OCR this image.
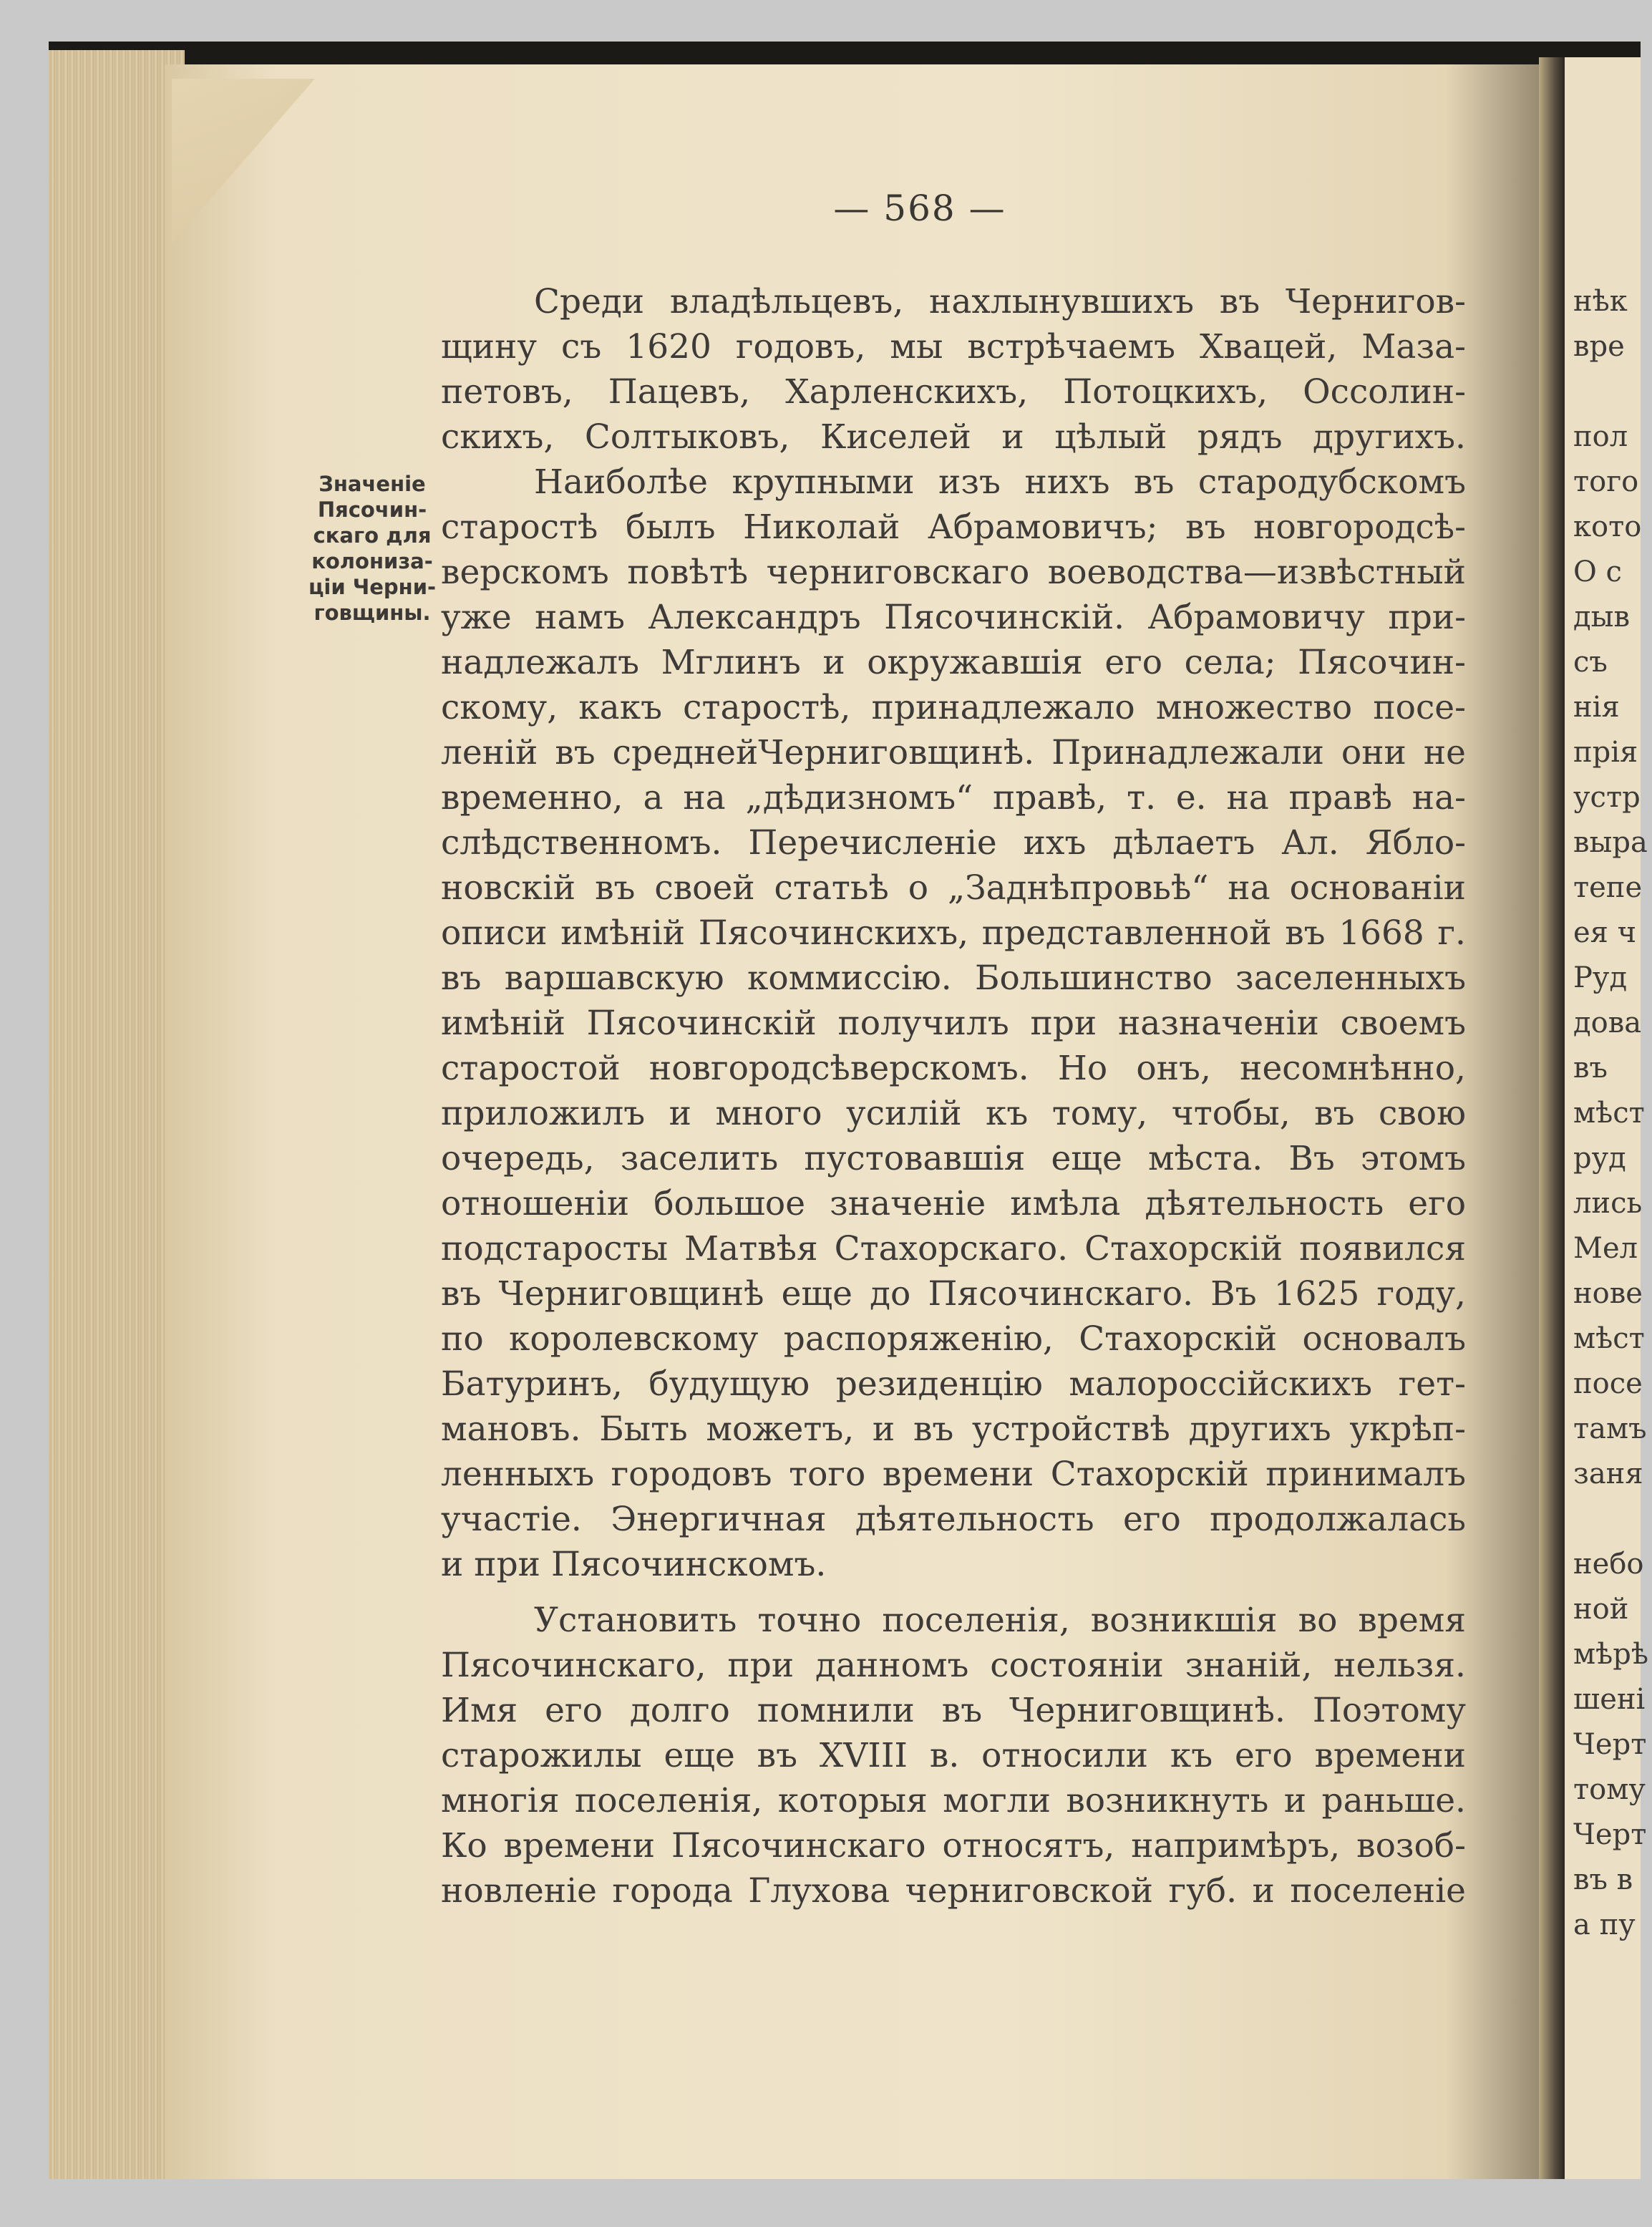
— 568 —
Значеніе
Пясочин-
скаго для
колониза-
ціи Черни-
говщины.
Среди владѣльцевъ, нахлынувшихъ въ Чернигов-
щину съ 1620 годовъ, мы встрѣчаемъ Хвацей, Маза-
петовъ, Пацевъ, Харленскихъ, Потоцкихъ, Оссолин-
скихъ, Солтыковъ, Киселей и цѣлый рядъ другихъ.
Наиболѣе крупными изъ нихъ въ стародубскомъ
старостѣ былъ Николай Абрамовичъ; въ новгородсѣ-
верскомъ повѣтѣ черниговскаго воеводства—извѣстный
уже намъ Александръ Пясочинскій. Абрамовичу при-
надлежалъ Мглинъ и окружавшія его села; Пясочин-
скому, какъ старостѣ, принадлежало множество посе-
леній въ среднейЧерниговщинѣ. Принадлежали они не
временно, а на „дѣдизномъ“ правѣ, т. е. на правѣ на-
слѣдственномъ. Перечисленіе ихъ дѣлаетъ Ал. Ябло-
новскій въ своей статьѣ о „Заднѣпровьѣ“ на основаніи
описи имѣній Пясочинскихъ, представленной въ 1668 г.
въ варшавскую коммиссію. Большинство заселенныхъ
имѣній Пясочинскій получилъ при назначеніи своемъ
старостой новгородсѣверскомъ. Но онъ, несомнѣнно,
приложилъ и много усилій къ тому, чтобы, въ свою
очередь, заселить пустовавшія еще мѣста. Въ этомъ
отношеніи большое значеніе имѣла дѣятельность его
подстаросты Матвѣя Стахорскаго. Стахорскій появился
въ Черниговщинѣ еще до Пясочинскаго. Въ 1625 году,
по королевскому распоряженію, Стахорскій основалъ
Батуринъ, будущую резиденцію малороссійскихъ гет-
мановъ. Быть можетъ, и въ устройствѣ другихъ укрѣп-
ленныхъ городовъ того времени Стахорскій принималъ
участіе. Энергичная дѣятельность его продолжалась
и при Пясочинскомъ.
Установить точно поселенія, возникшія во время
Пясочинскаго, при данномъ состояніи знаній, нельзя.
Имя его долго помнили въ Черниговщинѣ. Поэтому
старожилы еще въ XVIII в. относили къ его времени
многія поселенія, которыя могли возникнуть и раньше.
Ко времени Пясочинскаго относятъ, напримѣръ, возоб-
новленіе города Глухова черниговской губ. и поселеніе
нѣк
вре
пол
того
кото
О с
дыв
съ
нія
прія
устр
выра
тепе
ея ч
Руд
дова
въ
мѣст
руд
лись
Мел
нове
мѣст
посе
тамъ
заня
небо
ной
мѣрѣ
шені
Черт
тому
Черт
въ в
а пу
